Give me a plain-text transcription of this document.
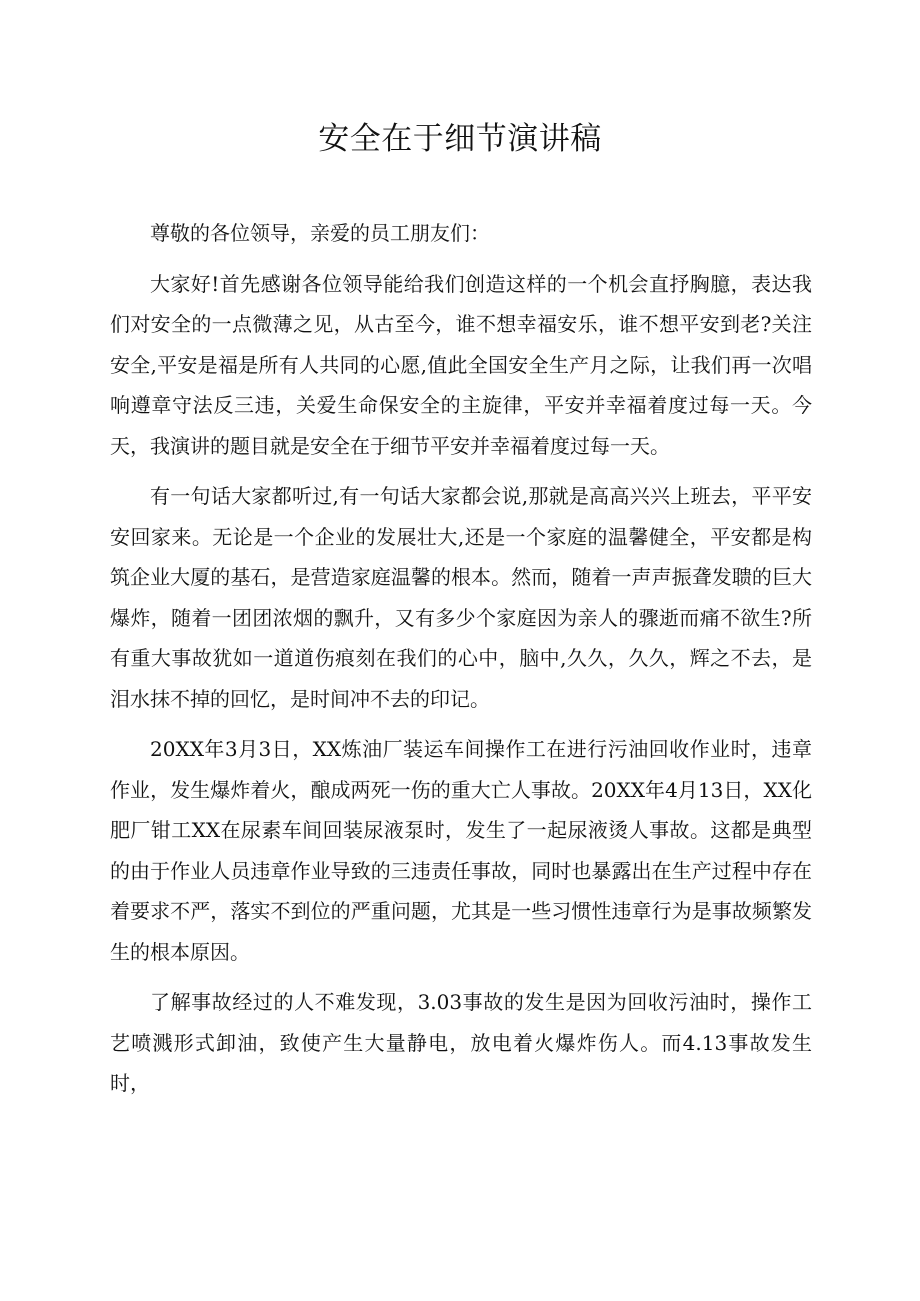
安全在于细节演讲稿

尊敬的各位领导，亲爱的员工朋友们：

大家好!首先感谢各位领导能给我们创造这样的一个机会直抒胸臆，表达我们对安全的一点微薄之见，从古至今，谁不想幸福安乐，谁不想平安到老?关注安全,平安是福是所有人共同的心愿,值此全国安全生产月之际，让我们再一次唱响遵章守法反三违，关爱生命保安全的主旋律，平安并幸福着度过每一天。今天，我演讲的题目就是安全在于细节平安并幸福着度过每一天。

有一句话大家都听过,有一句话大家都会说,那就是高高兴兴上班去，平平安安回家来。无论是一个企业的发展壮大,还是一个家庭的温馨健全，平安都是构筑企业大厦的基石，是营造家庭温馨的根本。然而，随着一声声振聋发聩的巨大爆炸，随着一团团浓烟的飘升，又有多少个家庭因为亲人的骤逝而痛不欲生?所有重大事故犹如一道道伤痕刻在我们的心中，脑中,久久，久久，辉之不去，是泪水抹不掉的回忆，是时间冲不去的印记。

20XX年3月3日，XX炼油厂装运车间操作工在进行污油回收作业时，违章作业，发生爆炸着火，酿成两死一伤的重大亡人事故。20XX年4月13日，XX化肥厂钳工XX在尿素车间回装尿液泵时，发生了一起尿液烫人事故。这都是典型的由于作业人员违章作业导致的三违责任事故，同时也暴露出在生产过程中存在着要求不严，落实不到位的严重问题，尤其是一些习惯性违章行为是事故频繁发生的根本原因。

了解事故经过的人不难发现，3.03事故的发生是因为回收污油时，操作工艺喷溅形式卸油，致使产生大量静电，放电着火爆炸伤人。而4.13事故发生时，
